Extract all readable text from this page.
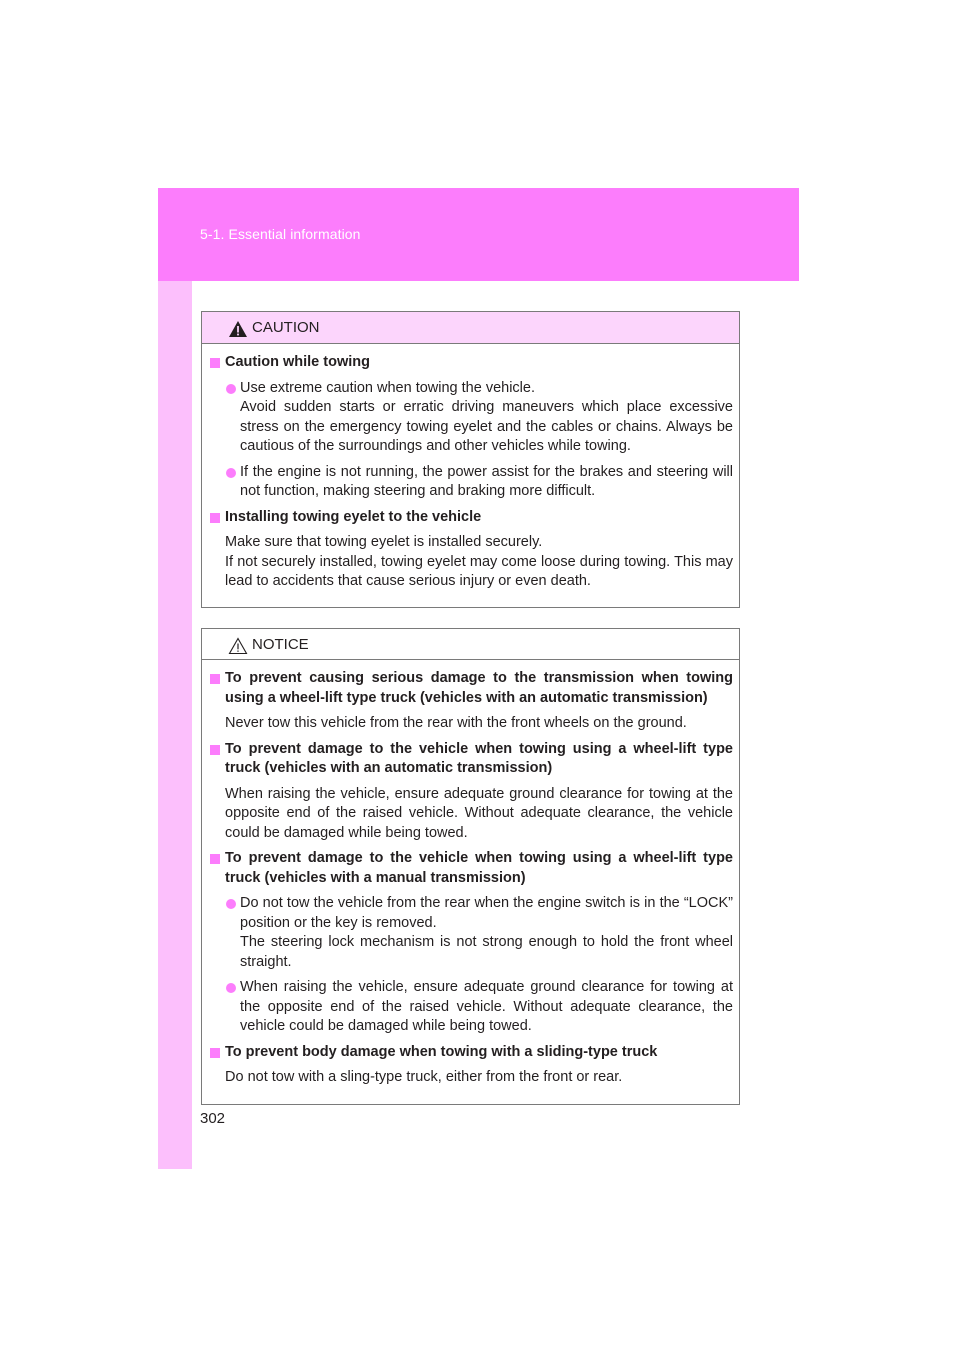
5-1. Essential information
CAUTION
Caution while towing
Use extreme caution when towing the vehicle.
Avoid sudden starts or erratic driving maneuvers which place excessive stress on the emergency towing eyelet and the cables or chains. Always be cautious of the surroundings and other vehicles while towing.
If the engine is not running, the power assist for the brakes and steering will not function, making steering and braking more difficult.
Installing towing eyelet to the vehicle
Make sure that towing eyelet is installed securely.
If not securely installed, towing eyelet may come loose during towing. This may lead to accidents that cause serious injury or even death.
NOTICE
To prevent causing serious damage to the transmission when towing using a wheel-lift type truck (vehicles with an automatic transmission)
Never tow this vehicle from the rear with the front wheels on the ground.
To prevent damage to the vehicle when towing using a wheel-lift type truck (vehicles with an automatic transmission)
When raising the vehicle, ensure adequate ground clearance for towing at the opposite end of the raised vehicle. Without adequate clearance, the vehicle could be damaged while being towed.
To prevent damage to the vehicle when towing using a wheel-lift type truck (vehicles with a manual transmission)
Do not tow the vehicle from the rear when the engine switch is in the “LOCK” position or the key is removed.
The steering lock mechanism is not strong enough to hold the front wheel straight.
When raising the vehicle, ensure adequate ground clearance for towing at the opposite end of the raised vehicle. Without adequate clearance, the vehicle could be damaged while being towed.
To prevent body damage when towing with a sliding-type truck
Do not tow with a sling-type truck, either from the front or rear.
302
